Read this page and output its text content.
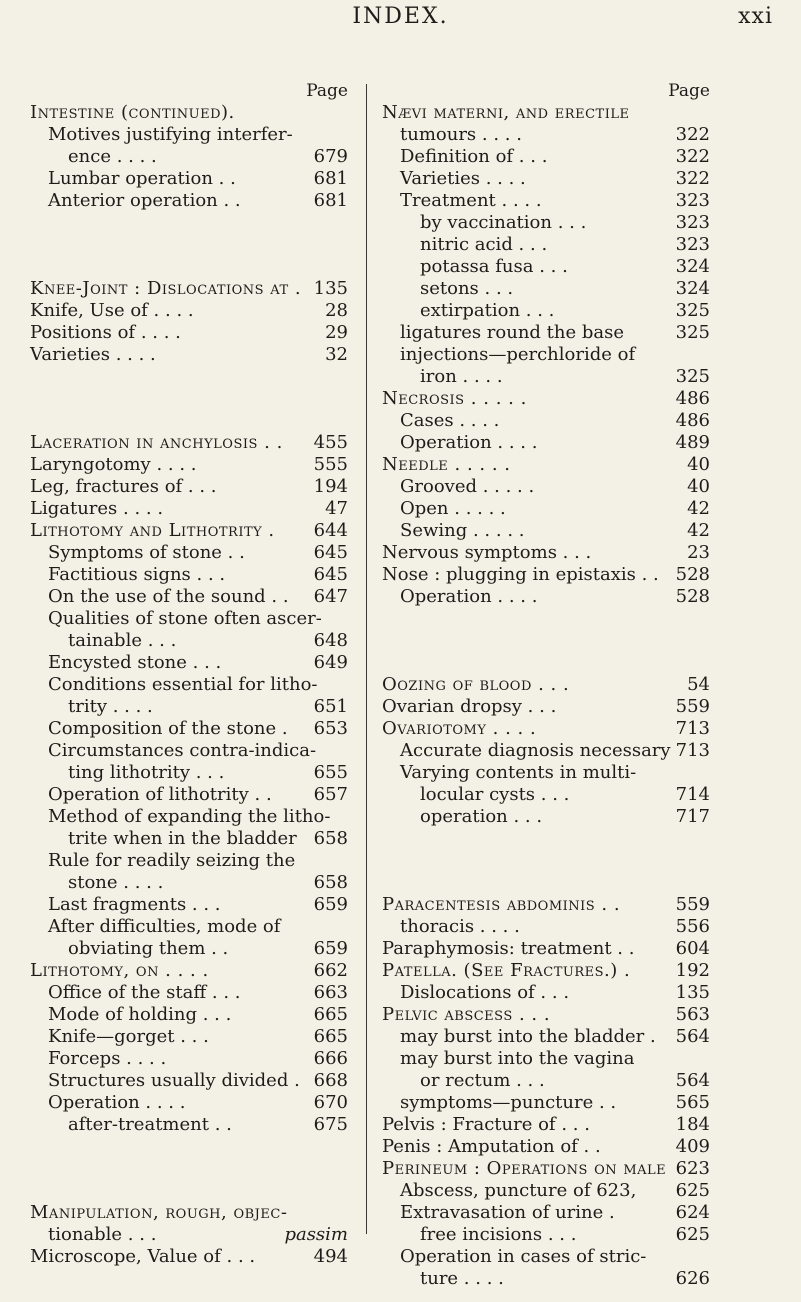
INDEX.	xxi
Page
Intestine (continued).
Motives justifying interfer-
ence . . . .	679
Lumbar operation . .	681
Anterior operation . .	681
Knee-Joint : Dislocations at . 135
Knife, Use of . . . .	28
Positions of . . . .	29
Varieties . . . .	32
Laceration in anchylosis . . 455
Laryngotomy . . . .	555
Leg, fractures of . . .	194
Ligatures . . . .	47
Lithotomy and Lithotrity . 644
Symptoms of stone . .	645
Factitious signs . . .	645
On the use of the sound . . 647
Qualities of stone often ascer-
tainable . . .	648
Encysted stone . . .	649
Conditions essential for litho-
trity . . . .	651
Composition of the stone . 653
Circumstances contra-indica-
ting lithotrity . . .	655
Operation of lithotrity . . 657
Method of expanding the litho-
trite when in the bladder 658
Rule for readily seizing the
stone . . . .	658
Last fragments . . .	659
After difficulties, mode of
obviating them . .	659
Lithotomy, on . . . .	662
Office of the staff . . .	663
Mode of holding . . .	665
Knife—gorget . . .	665
Forceps . . . .	666
Structures usually divided . 668
Operation . . . .	670
after-treatment . .	675
Manipulation, rough, objec-
tionable . . .	passim
Microscope, Value of . . .	494
Page
Nævi materni, and erectile
tumours . . . .	322
Definition of . . .	322
Varieties . . . .	322
Treatment . . . .	323
by vaccination . . .	323
nitric acid . . .	323
potassa fusa . . .	324
setons . . .	324
extirpation . . .	325
ligatures round the base	325
injections—perchloride of
iron . . . .	325
Necrosis . . . . .	486
Cases . . . .	486
Operation . . . .	489
Needle . . . . .	40
Grooved . . . . .	40
Open . . . . .	42
Sewing . . . . .	42
Nervous symptoms . . .	23
Nose : plugging in epistaxis . . 528
Operation . . . .	528
Oozing of blood . . .	54
Ovarian dropsy . . .	559
Ovariotomy . . . .	713
Accurate diagnosis necessary 713
Varying contents in multi-
locular cysts . . .	714
operation . . .	717
Paracentesis abdominis . .	559
thoracis . . . .	556
Paraphymosis: treatment . . 604
Patella. (See Fractures.) .	192
Dislocations of . . .	135
Pelvic abscess . . .	563
may burst into the bladder . 564
may burst into the vagina
or rectum . . .	564
symptoms—puncture . .	565
Pelvis : Fracture of . . .	184
Penis : Amputation of . .	409
Perineum : Operations on male 623
Abscess, puncture of 623, 625
Extravasation of urine .	624
free incisions . . .	625
Operation in cases of stric-
ture . . . .	626
